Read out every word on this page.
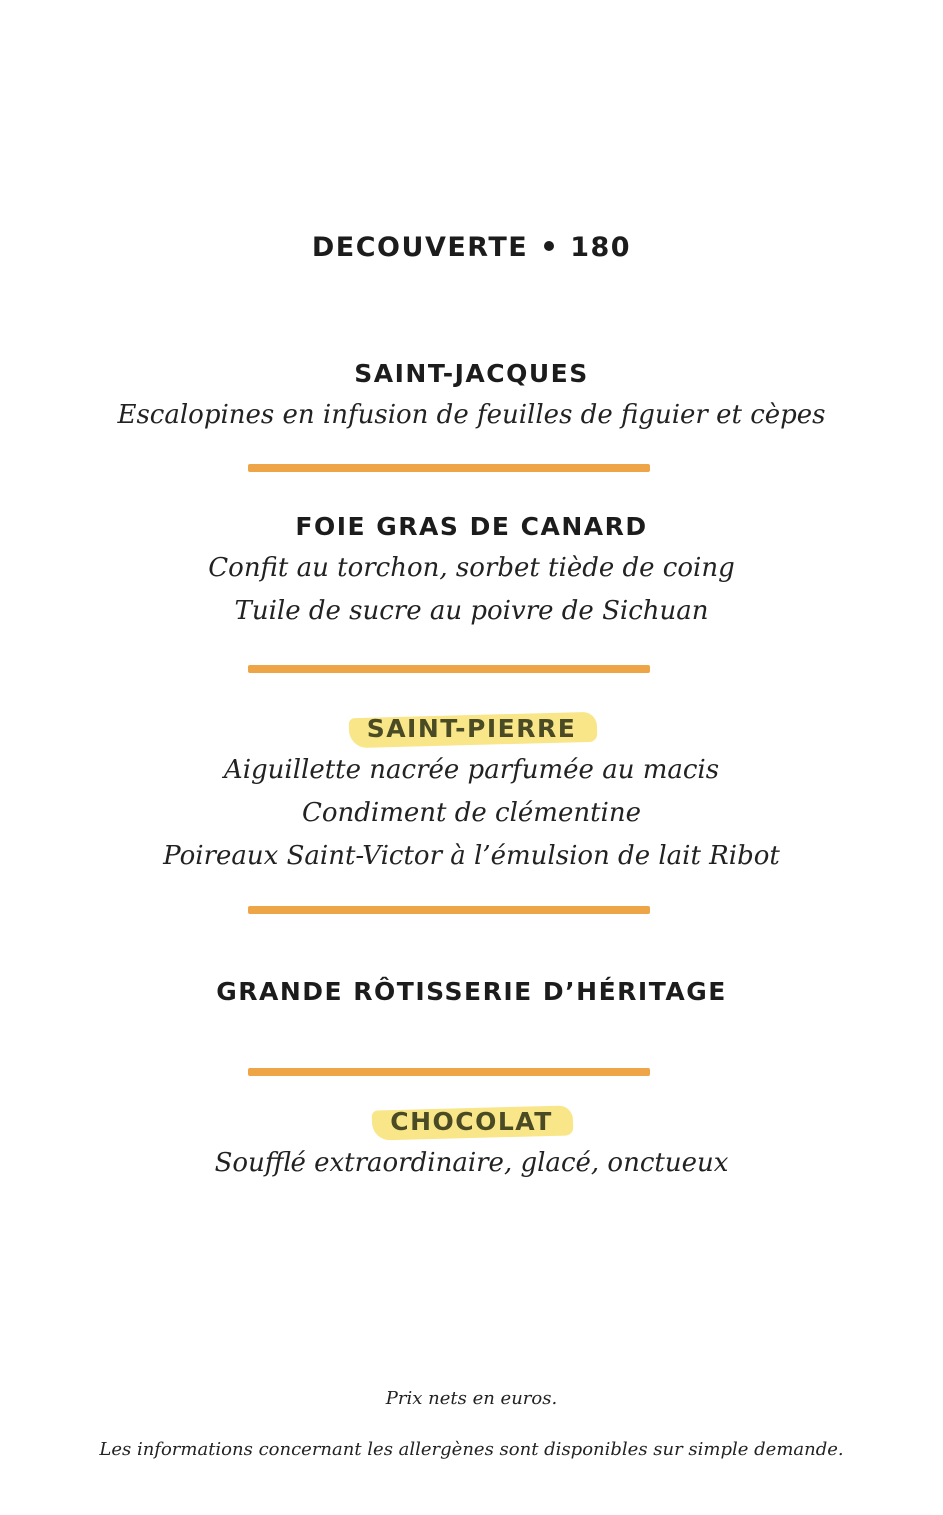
DECOUVERTE 180
SAINT-JACQUES
Escalopines en infusion de feuilles de figuier et cèpes
FOIE GRAS DE CANARD
Confit au torchon, sorbet tiède de coing
Tuile de sucre au poivre de Sichuan
SAINT-PIERRE
Aiguillette nacrée parfumée au macis
Condiment de clémentine
Poireaux Saint-Victor à l’émulsion de lait Ribot
GRANDE RÔTISSERIE D’HÉRITAGE
CHOCOLAT
Soufflé extraordinaire, glacé, onctueux
Prix nets en euros.
Les informations concernant les allergènes sont disponibles sur simple demande.
